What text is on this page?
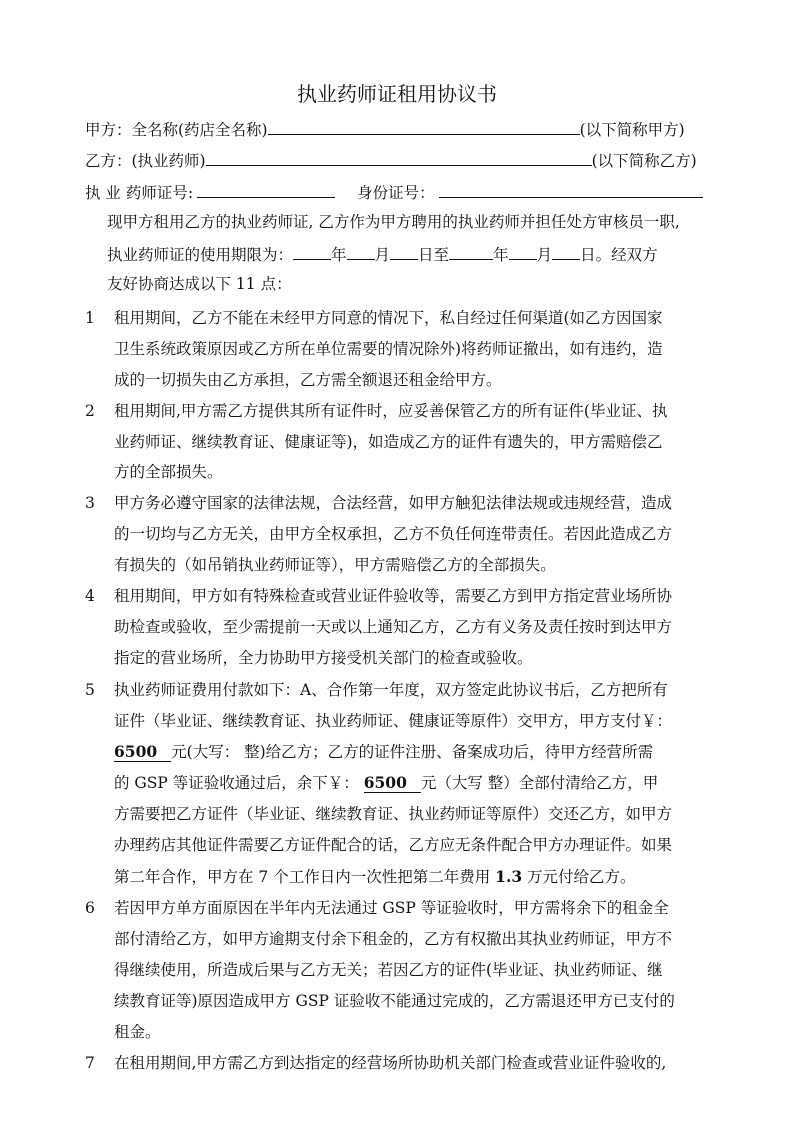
执业药师证租用协议书
甲方：全名称(药店全名称)	(以下简称甲方)
乙方：(执业药师)	(以下简称乙方)
执 业 药师证号:	身份证号：
现甲方租用乙方的执业药师证, 乙方作为甲方聘用的执业药师并担任处方审核员一职,
执业药师证的使用期限为： 年 月 日至	年 月 日。经双方
友好协商达成以下 11 点：
1 租用期间，乙方不能在未经甲方同意的情况下，私自经过任何渠道(如乙方因国家
卫生系统政策原因或乙方所在单位需要的情况除外)将药师证撤出，如有违约，造
成的一切损失由乙方承担，乙方需全额退还租金给甲方。
2 租用期间,甲方需乙方提供其所有证件时，应妥善保管乙方的所有证件(毕业证、执
业药师证、继续教育证、健康证等)，如造成乙方的证件有遗失的，甲方需赔偿乙
方的全部损失。
3 甲方务必遵守国家的法律法规，合法经营，如甲方触犯法律法规或违规经营，造成
的一切均与乙方无关，由甲方全权承担，乙方不负任何连带责任。若因此造成乙方
有损失的（如吊销执业药师证等），甲方需赔偿乙方的全部损失。
4 租用期间，甲方如有特殊检查或营业证件验收等，需要乙方到甲方指定营业场所协
助检查或验收，至少需提前一天或以上通知乙方，乙方有义务及责任按时到达甲方
指定的营业场所，全力协助甲方接受机关部门的检查或验收。
5 执业药师证费用付款如下：A、合作第一年度，双方签定此协议书后，乙方把所有
证件（毕业证、继续教育证、执业药师证、健康证等原件）交甲方，甲方支付￥：
6500 元(大写： 整)给乙方；乙方的证件注册、备案成功后，待甲方经营所需
的 GSP 等证验收通过后，余下￥： 6500 元（大写 整）全部付清给乙方，甲
方需要把乙方证件（毕业证、继续教育证、执业药师证等原件）交还乙方，如甲方
办理药店其他证件需要乙方证件配合的话，乙方应无条件配合甲方办理证件。如果
第二年合作，甲方在 7 个工作日内一次性把第二年费用 1.3 万元付给乙方。
6 若因甲方单方面原因在半年内无法通过 GSP 等证验收时，甲方需将余下的租金全
部付清给乙方，如甲方逾期支付余下租金的，乙方有权撤出其执业药师证，甲方不
得继续使用，所造成后果与乙方无关；若因乙方的证件(毕业证、执业药师证、继
续教育证等)原因造成甲方 GSP 证验收不能通过完成的，乙方需退还甲方已支付的
租金。
7 在租用期间,甲方需乙方到达指定的经营场所协助机关部门检查或营业证件验收的,
